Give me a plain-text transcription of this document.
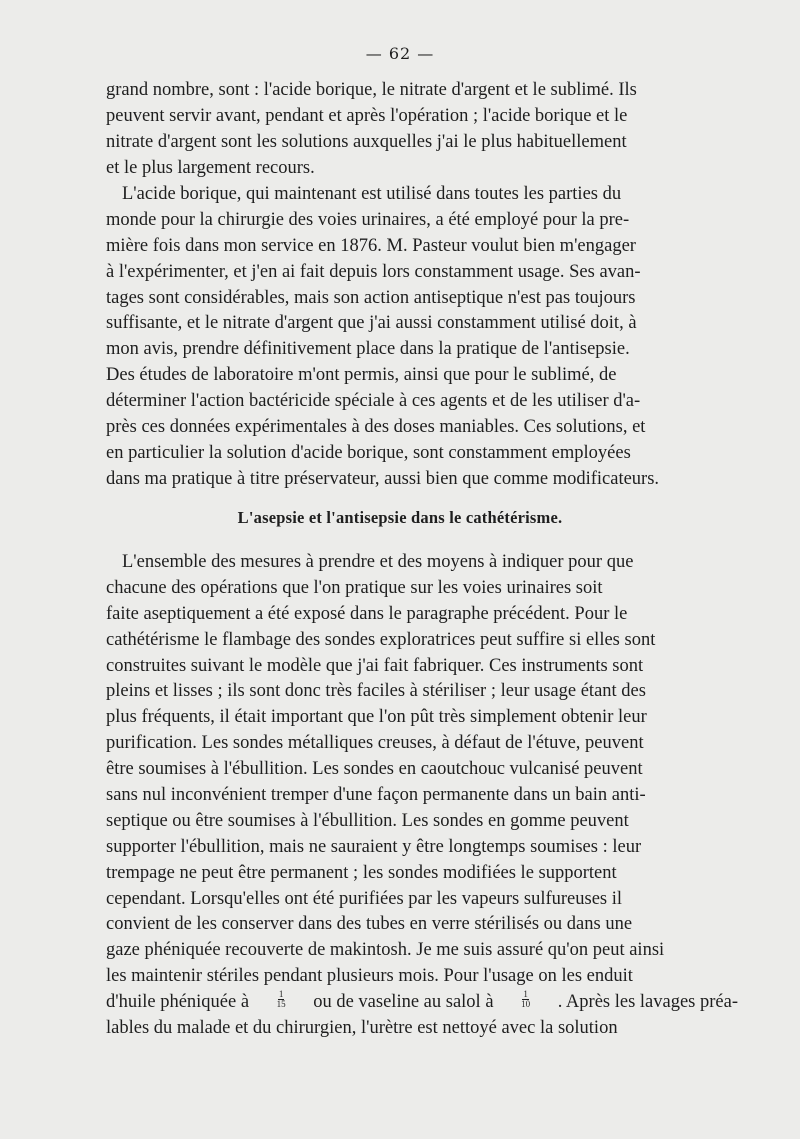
— 62 —
grand nombre, sont : l'acide borique, le nitrate d'argent et le sublimé. Ils
peuvent servir avant, pendant et après l'opération ; l'acide borique et le
nitrate d'argent sont les solutions auxquelles j'ai le plus habituellement
et le plus largement recours.
L'acide borique, qui maintenant est utilisé dans toutes les parties du
monde pour la chirurgie des voies urinaires, a été employé pour la pre-
mière fois dans mon service en 1876. M. Pasteur voulut bien m'engager
à l'expérimenter, et j'en ai fait depuis lors constamment usage. Ses avan-
tages sont considérables, mais son action antiseptique n'est pas toujours
suffisante, et le nitrate d'argent que j'ai aussi constamment utilisé doit, à
mon avis, prendre définitivement place dans la pratique de l'antisepsie.
Des études de laboratoire m'ont permis, ainsi que pour le sublimé, de
déterminer l'action bactéricide spéciale à ces agents et de les utiliser d'a-
près ces données expérimentales à des doses maniables. Ces solutions, et
en particulier la solution d'acide borique, sont constamment employées
dans ma pratique à titre préservateur, aussi bien que comme modificateurs.
L'asepsie et l'antisepsie dans le cathétérisme.
L'ensemble des mesures à prendre et des moyens à indiquer pour que
chacune des opérations que l'on pratique sur les voies urinaires soit
faite aseptiquement a été exposé dans le paragraphe précédent. Pour le
cathétérisme le flambage des sondes exploratrices peut suffire si elles sont
construites suivant le modèle que j'ai fait fabriquer. Ces instruments sont
pleins et lisses ; ils sont donc très faciles à stériliser ; leur usage étant des
plus fréquents, il était important que l'on pût très simplement obtenir leur
purification. Les sondes métalliques creuses, à défaut de l'étuve, peuvent
être soumises à l'ébullition. Les sondes en caoutchouc vulcanisé peuvent
sans nul inconvénient tremper d'une façon permanente dans un bain anti-
septique ou être soumises à l'ébullition. Les sondes en gomme peuvent
supporter l'ébullition, mais ne sauraient y être longtemps soumises : leur
trempage ne peut être permanent ; les sondes modifiées le supportent
cependant. Lorsqu'elles ont été purifiées par les vapeurs sulfureuses il
convient de les conserver dans des tubes en verre stérilisés ou dans une
gaze phéniquée recouverte de makintosh. Je me suis assuré qu'on peut ainsi
les maintenir stériles pendant plusieurs mois. Pour l'usage on les enduit
d'huile phéniquée à	$\frac{1}{15}$ ou de vaseline au salol à	$\frac{1}{10}$ . Après les lavages préa-
lables du malade et du chirurgien, l'urètre est nettoyé avec la solution
